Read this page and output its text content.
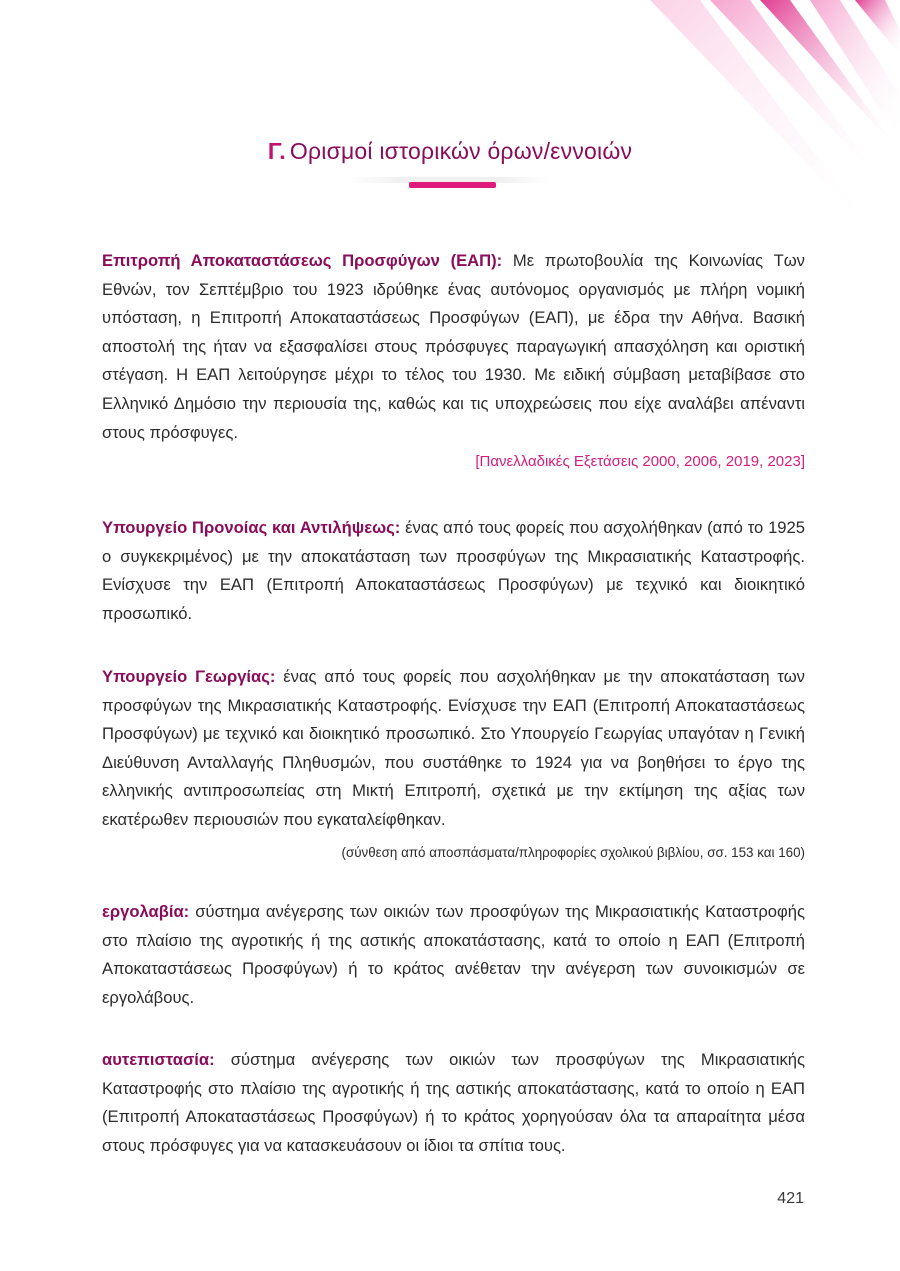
Γ. Ορισμοί ιστορικών όρων/εννοιών
Επιτροπή Αποκαταστάσεως Προσφύγων (ΕΑΠ): Με πρωτοβουλία της Κοινωνίας Των Εθνών, τον Σεπτέμβριο του 1923 ιδρύθηκε ένας αυτόνομος οργανισμός με πλήρη νομική υπόσταση, η Επιτροπή Αποκαταστάσεως Προσφύγων (ΕΑΠ), με έδρα την Αθήνα. Βασική αποστολή της ήταν να εξασφαλίσει στους πρόσφυγες παραγωγική απασχόληση και οριστική στέγαση. Η ΕΑΠ λειτούργησε μέχρι το τέλος του 1930. Με ειδική σύμβαση μεταβίβασε στο Ελληνικό Δημόσιο την περιουσία της, καθώς και τις υποχρεώσεις που είχε αναλάβει απέναντι στους πρόσφυγες.
[Πανελλαδικές Εξετάσεις 2000, 2006, 2019, 2023]
Υπουργείο Προνοίας και Αντιλήψεως: ένας από τους φορείς που ασχολήθηκαν (από το 1925 ο συγκεκριμένος) με την αποκατάσταση των προσφύγων της Μικρασιατικής Καταστροφής. Ενίσχυσε την ΕΑΠ (Επιτροπή Αποκαταστάσεως Προσφύγων) με τεχνικό και διοικητικό προσωπικό.
Υπουργείο Γεωργίας: ένας από τους φορείς που ασχολήθηκαν με την αποκατάσταση των προσφύγων της Μικρασιατικής Καταστροφής. Ενίσχυσε την ΕΑΠ (Επιτροπή Αποκαταστάσεως Προσφύγων) με τεχνικό και διοικητικό προσωπικό. Στο Υπουργείο Γεωργίας υπαγόταν η Γενική Διεύθυνση Ανταλλαγής Πληθυσμών, που συστάθηκε το 1924 για να βοηθήσει το έργο της ελληνικής αντιπροσωπείας στη Μικτή Επιτροπή, σχετικά με την εκτίμηση της αξίας των εκατέρωθεν περιουσιών που εγκαταλείφθηκαν.
(σύνθεση από αποσπάσματα/πληροφορίες σχολικού βιβλίου, σσ. 153 και 160)
εργολαβία: σύστημα ανέγερσης των οικιών των προσφύγων της Μικρασιατικής Καταστροφής στο πλαίσιο της αγροτικής ή της αστικής αποκατάστασης, κατά το οποίο η ΕΑΠ (Επιτροπή Αποκαταστάσεως Προσφύγων) ή το κράτος ανέθεταν την ανέγερση των συνοικισμών σε εργολάβους.
αυτεπιστασία: σύστημα ανέγερσης των οικιών των προσφύγων της Μικρασιατικής Καταστροφής στο πλαίσιο της αγροτικής ή της αστικής αποκατάστασης, κατά το οποίο η ΕΑΠ (Επιτροπή Αποκαταστάσεως Προσφύγων) ή το κράτος χορηγούσαν όλα τα απαραίτητα μέσα στους πρόσφυγες για να κατασκευάσουν οι ίδιοι τα σπίτια τους.
421
